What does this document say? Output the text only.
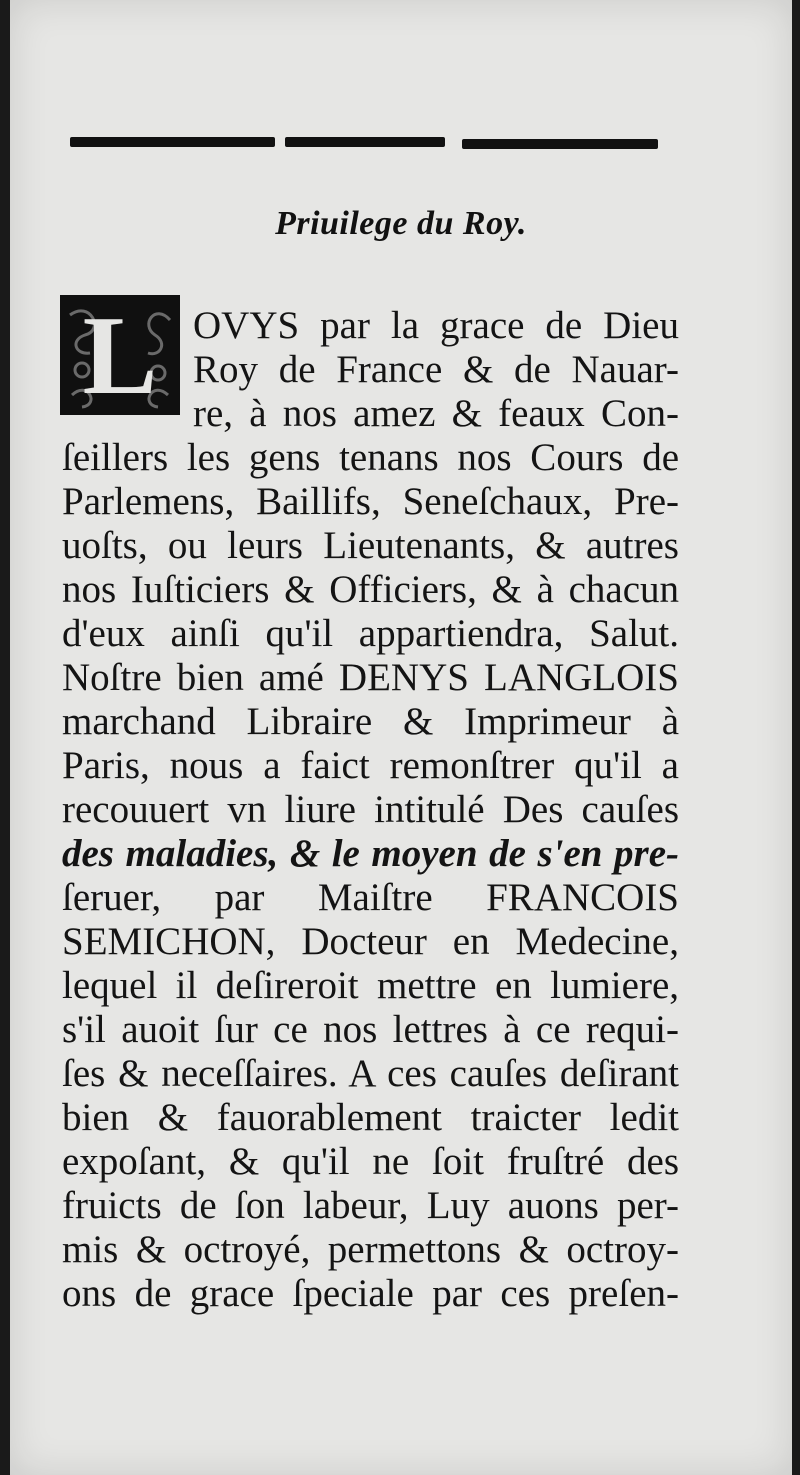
Priuilege du Roy.
L OVYS par la grace de Dieu
Roy de France & de Nauar-
re, à nos amez & feaux Con-
ſeillers les gens tenans nos Cours de
Parlemens, Baillifs, Seneſchaux, Pre-
uoſts, ou leurs Lieutenants, & autres
nos Iuſticiers & Officiers, & à chacun
d'eux ainſi qu'il appartiendra, Salut.
Noſtre bien amé DENYS LANGLOIS
marchand Libraire & Imprimeur à
Paris, nous a faict remonſtrer qu'il a
recouuert vn liure intitulé Des cauſes
des maladies, & le moyen de s'en pre-
ſeruer, par Maiſtre FRANCOIS
SEMICHON, Docteur en Medecine,
lequel il deſireroit mettre en lumiere,
s'il auoit ſur ce nos lettres à ce requi-
ſes & neceſſaires. A ces cauſes deſirant
bien & fauorablement traicter ledit
expoſant, & qu'il ne ſoit fruſtré des
fruicts de ſon labeur, Luy auons per-
mis & octroyé, permettons & octroy-
ons de grace ſpeciale par ces preſen-
